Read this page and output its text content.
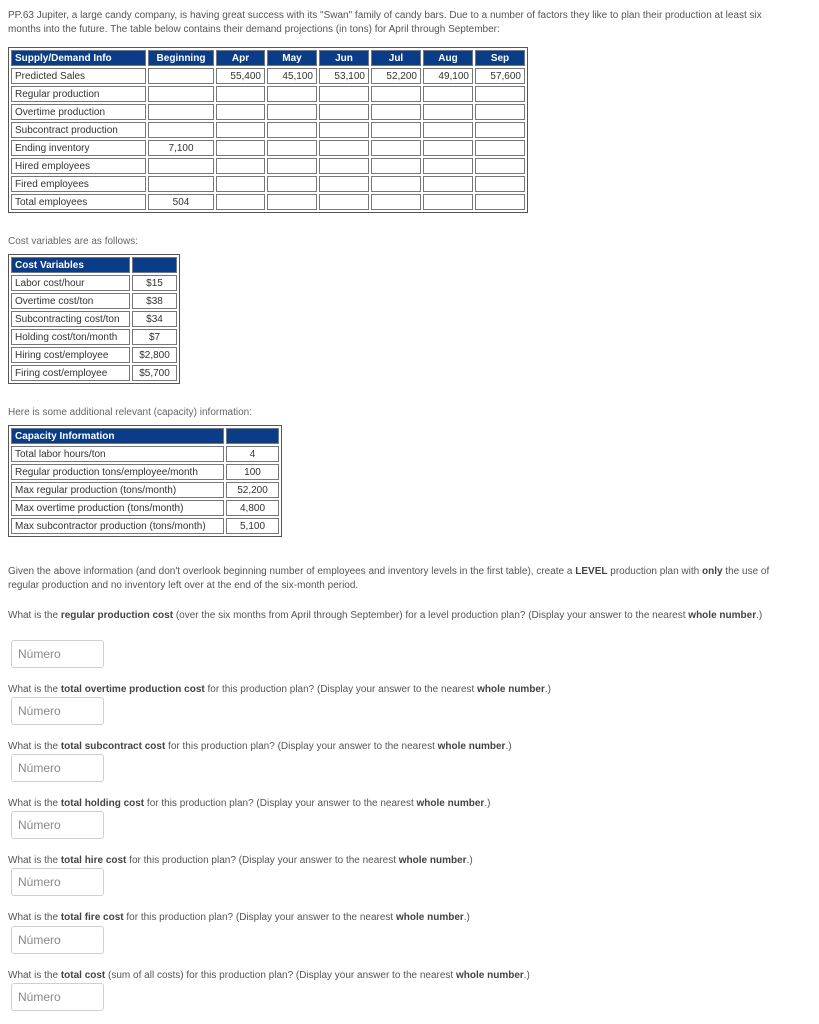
PP.63 Jupiter, a large candy company, is having great success with its "Swan" family of candy bars. Due to a number of factors they like to plan their production at least six months into the future. The table below contains their demand projections (in tons) for April through September:
Supply/Demand Info	Beginning	Apr	May	Jun	Jul	Aug	Sep
Predicted Sales		55,400	45,100	53,100	52,200	49,100	57,600
Regular production							
Overtime production							
Subcontract production							
Ending inventory	7,100						
Hired employees							
Fired employees							
Total employees	504						
Cost variables are as follows:
Cost Variables	
Labor cost/hour	$15
Overtime cost/ton	$38
Subcontracting cost/ton	$34
Holding cost/ton/month	$7
Hiring cost/employee	$2,800
Firing cost/employee	$5,700
Here is some additional relevant (capacity) information:
Capacity Information	
Total labor hours/ton	4
Regular production tons/employee/month	100
Max regular production (tons/month)	52,200
Max overtime production (tons/month)	4,800
Max subcontractor production (tons/month)	5,100
Given the above information (and don't overlook beginning number of employees and inventory levels in the first table), create a LEVEL production plan with only the use of regular production and no inventory left over at the end of the six-month period.
What is the regular production cost (over the six months from April through September) for a level production plan? (Display your answer to the nearest whole number.)
Número
What is the total overtime production cost for this production plan? (Display your answer to the nearest whole number.)
Número
What is the total subcontract cost for this production plan? (Display your answer to the nearest whole number.)
Número
What is the total holding cost for this production plan? (Display your answer to the nearest whole number.)
Número
What is the total hire cost for this production plan? (Display your answer to the nearest whole number.)
Número
What is the total fire cost for this production plan? (Display your answer to the nearest whole number.)
Número
What is the total cost (sum of all costs) for this production plan? (Display your answer to the nearest whole number.)
Número
